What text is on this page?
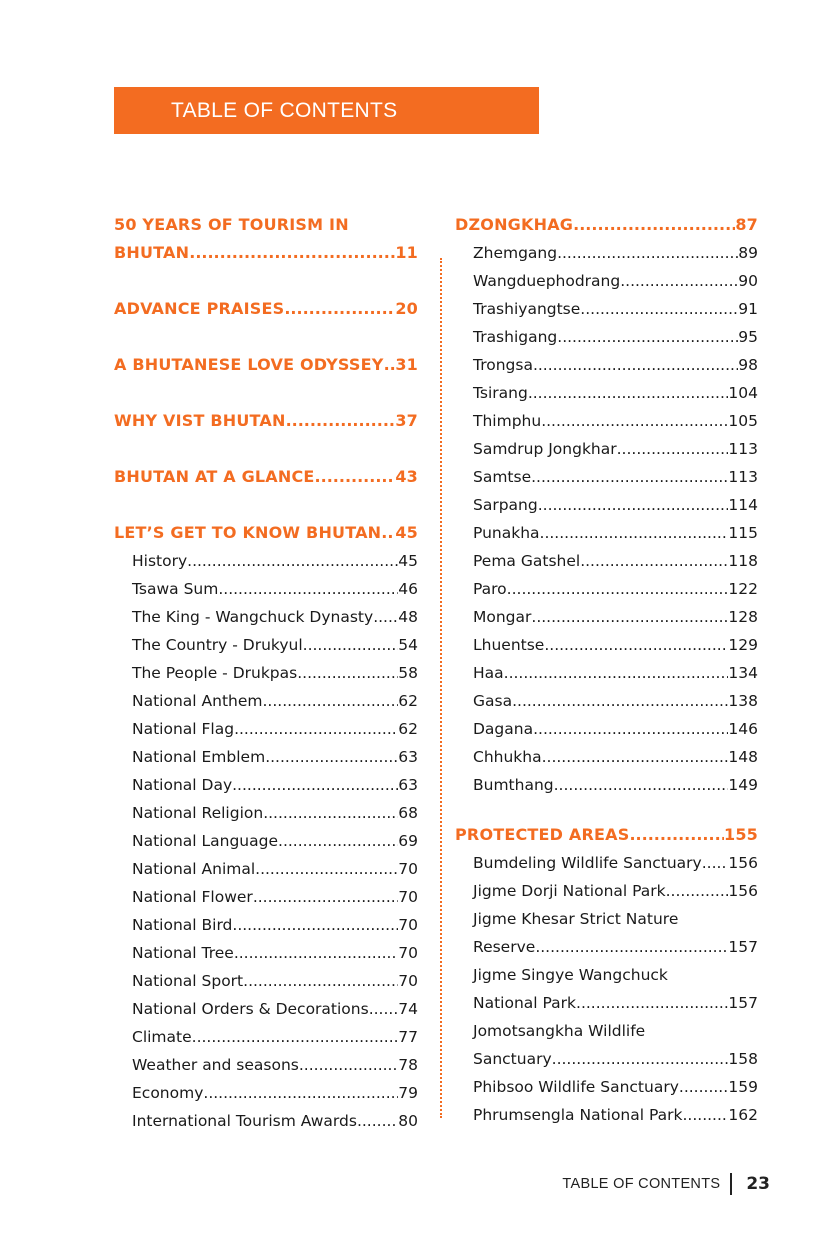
TABLE OF CONTENTS
50 YEARS OF TOURISM IN
BHUTAN .....	11
ADVANCE PRAISES .....	20
A BHUTANESE LOVE ODYSSEY ..... 31
WHY VIST BHUTAN .....	37
BHUTAN AT A GLANCE .....	43
LET’S GET TO KNOW BHUTAN ..... 45
History .....	45
Tsawa Sum .....	46
The King - Wangchuck Dynasty ..... 48
The Country - Drukyul .....	54
The People - Drukpas .....	58
National Anthem .....	62
National Flag .....	62
National Emblem .....	63
National Day .....	63
National Religion .....	68
National Language .....	69
National Animal .....	70
National Flower .....	70
National Bird .....	70
National Tree .....	70
National Sport .....	70
National Orders & Decorations ..... 74
Climate .....	77
Weather and seasons .....	78
Economy .....	79
International Tourism Awards .....	80
DZONGKHAG .....	87
Zhemgang .....	89
Wangduephodrang .....	90
Trashiyangtse .....	91
Trashigang .....	95
Trongsa .....	98
Tsirang .....	104
Thimphu .....	105
Samdrup Jongkhar .....	113
Samtse .....	113
Sarpang .....	114
Punakha .....	115
Pema Gatshel .....	118
Paro .....	122
Mongar .....	128
Lhuentse .....	129
Haa .....	134
Gasa .....	138
Dagana .....	146
Chhukha .....	148
Bumthang .....	149
PROTECTED AREAS .....	155
Bumdeling Wildlife Sanctuary ..... 156
Jigme Dorji National Park .....	156
Jigme Khesar Strict Nature
Reserve .....	157
Jigme Singye Wangchuck
National Park .....	157
Jomotsangkha Wildlife
Sanctuary .....	158
Phibsoo Wildlife Sanctuary .....	159
Phrumsengla National Park .....	162
TABLE OF CONTENTS 23
